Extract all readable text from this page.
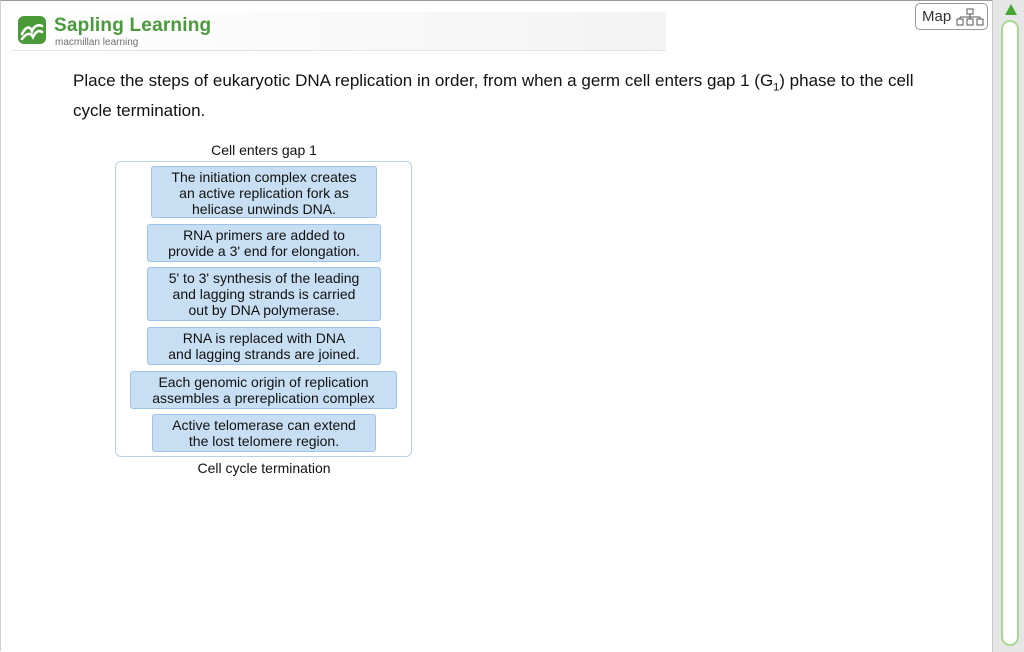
Sapling Learning
macmillan learning
Map
Place the steps of eukaryotic DNA replication in order, from when a germ cell enters gap 1 $(G_1)$ phase to the cell cycle termination.
Cell enters gap 1
The initiation complex creates
an active replication fork as
helicase unwinds DNA.
RNA primers are added to
provide a 3' end for elongation.
5' to 3' synthesis of the leading
and lagging strands is carried
out by DNA polymerase.
RNA is replaced with DNA
and lagging strands are joined.
Each genomic origin of replication
assembles a prereplication complex
Active telomerase can extend
the lost telomere region.
Cell cycle termination
